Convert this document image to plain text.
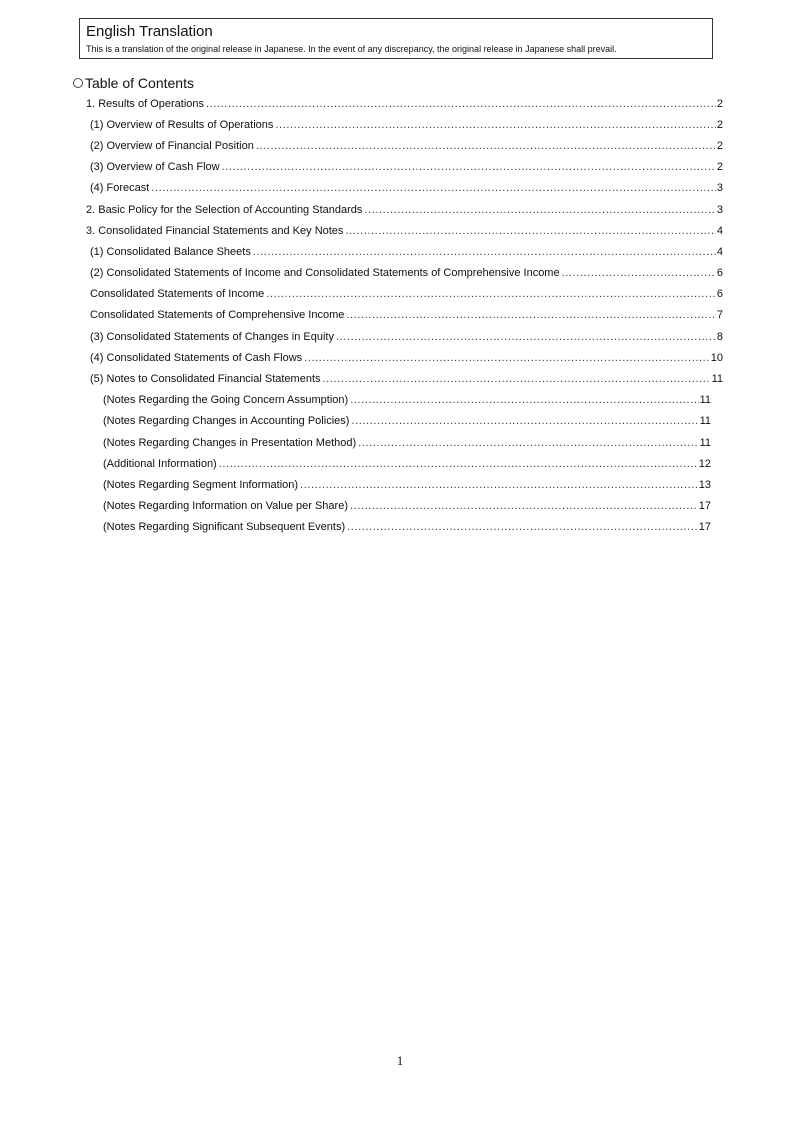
English Translation
This is a translation of the original release in Japanese. In the event of any discrepancy, the original release in Japanese shall prevail.
Table of Contents
1. Results of Operations .....	2
(1) Overview of Results of Operations .....	2
(2) Overview of Financial Position .....	2
(3) Overview of Cash Flow .....	2
(4) Forecast .....	3
2. Basic Policy for the Selection of Accounting Standards .....	3
3. Consolidated Financial Statements and Key Notes .....	4
(1) Consolidated Balance Sheets .....	4
(2) Consolidated Statements of Income and Consolidated Statements of Comprehensive Income .....	6
Consolidated Statements of Income .....	6
Consolidated Statements of Comprehensive Income .....	7
(3) Consolidated Statements of Changes in Equity .....	8
(4) Consolidated Statements of Cash Flows .....	10
(5) Notes to Consolidated Financial Statements .....	11
(Notes Regarding the Going Concern Assumption) .....	11
(Notes Regarding Changes in Accounting Policies) .....	11
(Notes Regarding Changes in Presentation Method) .....	11
(Additional Information) .....	12
(Notes Regarding Segment Information) .....	13
(Notes Regarding Information on Value per Share) .....	17
(Notes Regarding Significant Subsequent Events) .....	17
1
